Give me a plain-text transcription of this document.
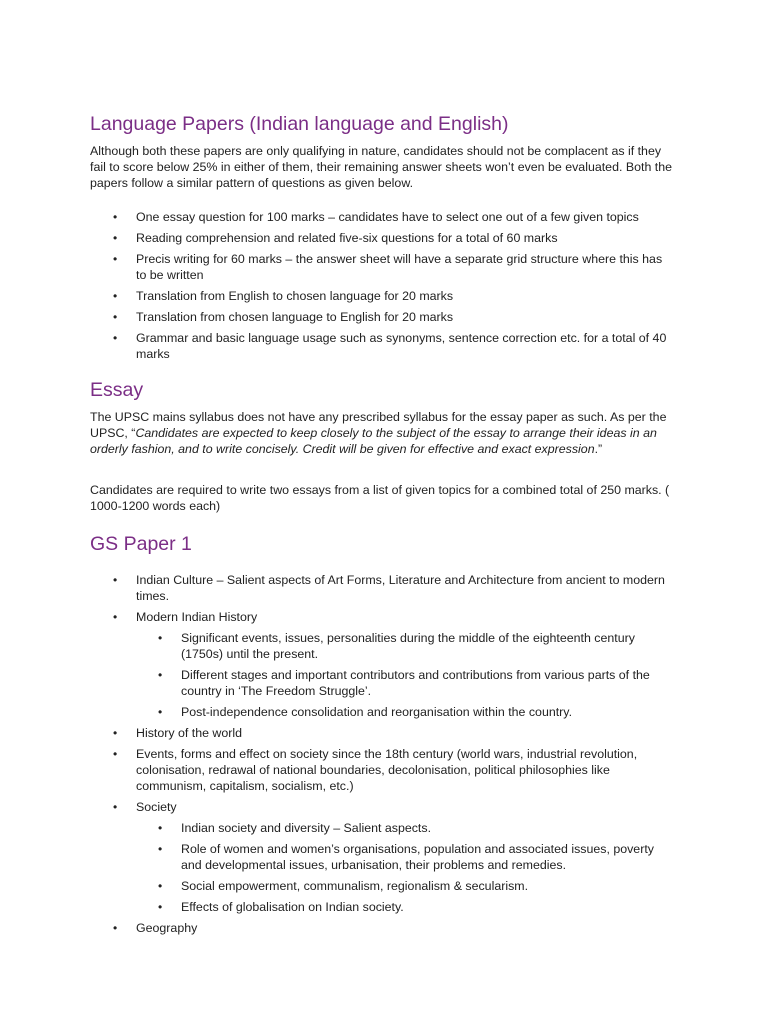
Language Papers (Indian language and English)

Although both these papers are only qualifying in nature, candidates should not be complacent as if they fail to score below 25% in either of them, their remaining answer sheets won’t even be evaluated. Both the papers follow a similar pattern of questions as given below.

•	One essay question for 100 marks – candidates have to select one out of a few given topics
•	Reading comprehension and related five-six questions for a total of 60 marks
•	Precis writing for 60 marks – the answer sheet will have a separate grid structure where this has to be written
•	Translation from English to chosen language for 20 marks
•	Translation from chosen language to English for 20 marks
•	Grammar and basic language usage such as synonyms, sentence correction etc. for a total of 40 marks
Essay

The UPSC mains syllabus does not have any prescribed syllabus for the essay paper as such. As per the UPSC, “Candidates are expected to keep closely to the subject of the essay to arrange their ideas in an orderly fashion, and to write concisely. Credit will be given for effective and exact expression.”

Candidates are required to write two essays from a list of given topics for a combined total of 250 marks. ( 1000-1200 words each)

GS Paper 1
•	Indian Culture – Salient aspects of Art Forms, Literature and Architecture from ancient to modern times.
•	Modern Indian History
•	Significant events, issues, personalities during the middle of the eighteenth century (1750s) until the present.
•	Different stages and important contributors and contributions from various parts of the country in ‘The Freedom Struggle’.
•	Post-independence consolidation and reorganisation within the country.
•	History of the world
•	Events, forms and effect on society since the 18th century (world wars, industrial revolution, colonisation, redrawal of national boundaries, decolonisation, political philosophies like communism, capitalism, socialism, etc.)
•	Society
•	Indian society and diversity – Salient aspects.
•	Role of women and women’s organisations, population and associated issues, poverty and developmental issues, urbanisation, their problems and remedies.
•	Social empowerment, communalism, regionalism & secularism.
•	Effects of globalisation on Indian society.
•	Geography
